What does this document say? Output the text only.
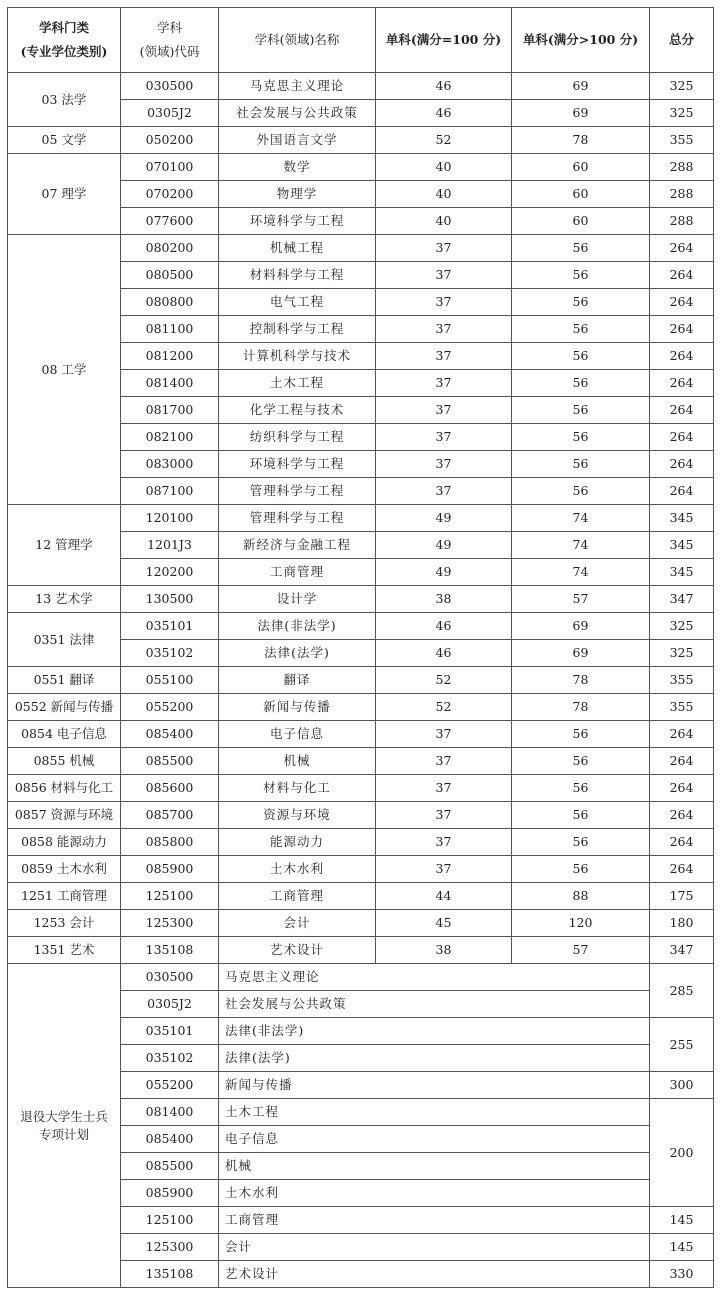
学科门类
(专业学位类别)	学科
(领域)代码	学科(领域)名称	单科(满分=100 分)	单科(满分>100 分)	总分
03 法学	030500	马克思主义理论	46	69	325
	0305J2	社会发展与公共政策	46	69	325
05 文学	050200	外国语言文学	52	78	355
07 理学	070100	数学	40	60	288
	070200	物理学	40	60	288
	077600	环境科学与工程	40	60	288
08 工学	080200	机械工程	37	56	264
	080500	材料科学与工程	37	56	264
	080800	电气工程	37	56	264
	081100	控制科学与工程	37	56	264
	081200	计算机科学与技术	37	56	264
	081400	土木工程	37	56	264
	081700	化学工程与技术	37	56	264
	082100	纺织科学与工程	37	56	264
	083000	环境科学与工程	37	56	264
	087100	管理科学与工程	37	56	264
12 管理学	120100	管理科学与工程	49	74	345
	1201J3	新经济与金融工程	49	74	345
	120200	工商管理	49	74	345
13 艺术学	130500	设计学	38	57	347
0351 法律	035101	法律(非法学)	46	69	325
	035102	法律(法学)	46	69	325
0551 翻译	055100	翻译	52	78	355
0552 新闻与传播	055200	新闻与传播	52	78	355
0854 电子信息	085400	电子信息	37	56	264
0855 机械	085500	机械	37	56	264
0856 材料与化工	085600	材料与化工	37	56	264
0857 资源与环境	085700	资源与环境	37	56	264
0858 能源动力	085800	能源动力	37	56	264
0859 土木水利	085900	土木水利	37	56	264
1251 工商管理	125100	工商管理	44	88	175
1253 会计	125300	会计	45	120	180
1351 艺术	135108	艺术设计	38	57	347

退役大学生士兵
专项计划	030500	马克思主义理论			285
	0305J2	社会发展与公共政策			
	035101	法律(非法学)			255
	035102	法律(法学)			
	055200	新闻与传播			300
	081400	土木工程			200
	085400	电子信息			
	085500	机械			
	085900	土木水利			
	125100	工商管理			145
	125300	会计			145
	135108	艺术设计			330
